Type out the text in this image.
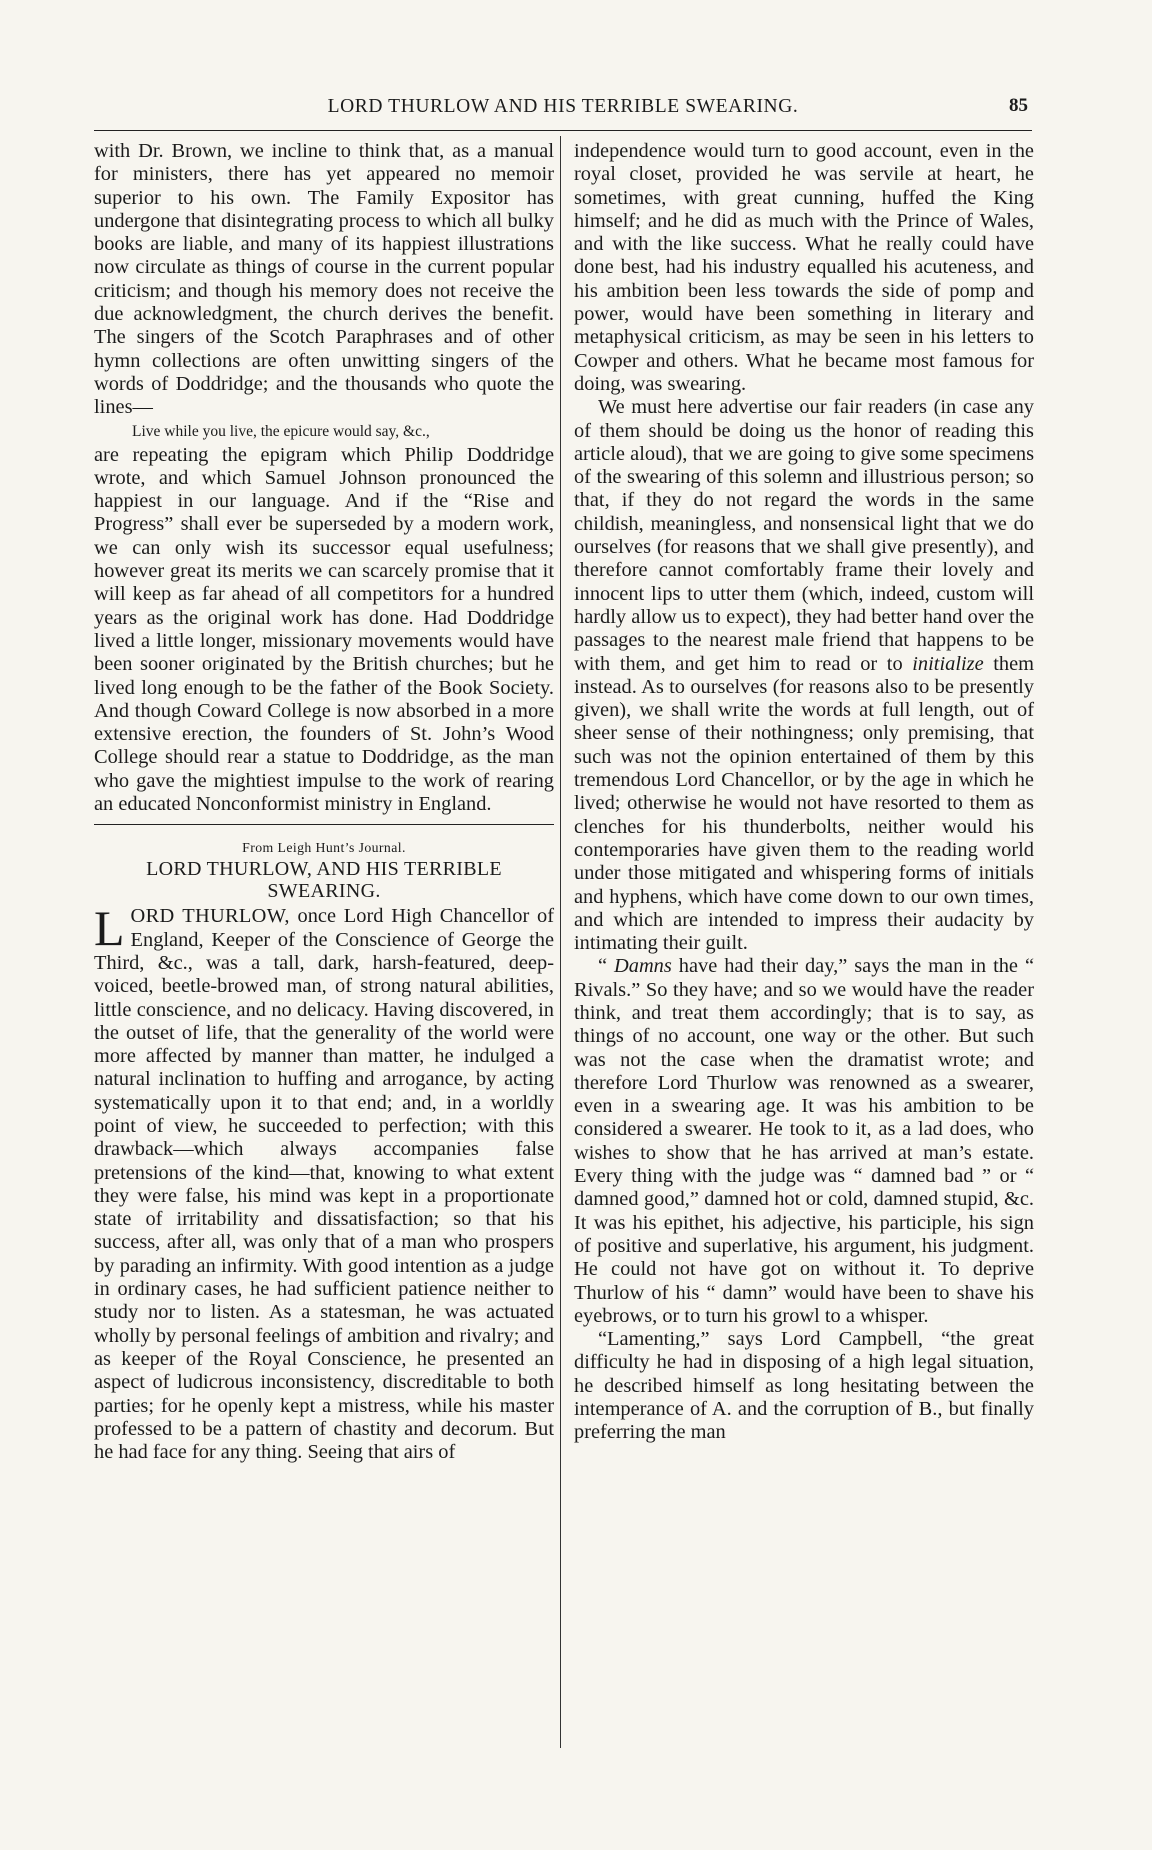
LORD THURLOW AND HIS TERRIBLE SWEARING.	85

with Dr. Brown, we incline to think that, as a manual for ministers, there has yet appeared no memoir superior to his own. The Family Expositor has undergone that disintegrating process to which all bulky books are liable, and many of its happiest illustrations now circulate as things of course in the current popular criticism; and though his memory does not receive the due acknowledgment, the church derives the benefit. The singers of the Scotch Paraphrases and of other hymn collections are often unwitting singers of the words of Doddridge; and the thousands who quote the lines—

Live while you live, the epicure would say, &c.,

are repeating the epigram which Philip Doddridge wrote, and which Samuel Johnson pronounced the happiest in our language. And if the “Rise and Progress” shall ever be superseded by a modern work, we can only wish its successor equal usefulness; however great its merits we can scarcely promise that it will keep as far ahead of all competitors for a hundred years as the original work has done. Had Doddridge lived a little longer, missionary movements would have been sooner originated by the British churches; but he lived long enough to be the father of the Book Society. And though Coward College is now absorbed in a more extensive erection, the founders of St. John’s Wood College should rear a statue to Doddridge, as the man who gave the mightiest impulse to the work of rearing an educated Nonconformist ministry in England.

From Leigh Hunt’s Journal.

LORD THURLOW, AND HIS TERRIBLE SWEARING.

LORD THURLOW, once Lord High Chancellor of England, Keeper of the Conscience of George the Third, &c., was a tall, dark, harsh-featured, deep-voiced, beetle-browed man, of strong natural abilities, little conscience, and no delicacy. Having discovered, in the outset of life, that the generality of the world were more affected by manner than matter, he indulged a natural inclination to huffing and arrogance, by acting systematically upon it to that end; and, in a worldly point of view, he succeeded to perfection; with this drawback—which always accompanies false pretensions of the kind—that, knowing to what extent they were false, his mind was kept in a proportionate state of irritability and dissatisfaction; so that his success, after all, was only that of a man who prospers by parading an infirmity. With good intention as a judge in ordinary cases, he had sufficient patience neither to study nor to listen. As a statesman, he was actuated wholly by personal feelings of ambition and rivalry; and as keeper of the Royal Conscience, he presented an aspect of ludicrous inconsistency, discreditable to both parties; for he openly kept a mistress, while his master professed to be a pattern of chastity and decorum. But he had face for any thing. Seeing that airs of

independence would turn to good account, even in the royal closet, provided he was servile at heart, he sometimes, with great cunning, huffed the King himself; and he did as much with the Prince of Wales, and with the like success. What he really could have done best, had his industry equalled his acuteness, and his ambition been less towards the side of pomp and power, would have been something in literary and metaphysical criticism, as may be seen in his letters to Cowper and others. What he became most famous for doing, was swearing.

We must here advertise our fair readers (in case any of them should be doing us the honor of reading this article aloud), that we are going to give some specimens of the swearing of this solemn and illustrious person; so that, if they do not regard the words in the same childish, meaningless, and nonsensical light that we do ourselves (for reasons that we shall give presently), and therefore cannot comfortably frame their lovely and innocent lips to utter them (which, indeed, custom will hardly allow us to expect), they had better hand over the passages to the nearest male friend that happens to be with them, and get him to read or to initialize them instead. As to ourselves (for reasons also to be presently given), we shall write the words at full length, out of sheer sense of their nothingness; only premising, that such was not the opinion entertained of them by this tremendous Lord Chancellor, or by the age in which he lived; otherwise he would not have resorted to them as clenches for his thunderbolts, neither would his contemporaries have given them to the reading world under those mitigated and whispering forms of initials and hyphens, which have come down to our own times, and which are intended to impress their audacity by intimating their guilt.

“ Damns have had their day,” says the man in the “ Rivals.” So they have; and so we would have the reader think, and treat them accordingly; that is to say, as things of no account, one way or the other. But such was not the case when the dramatist wrote; and therefore Lord Thurlow was renowned as a swearer, even in a swearing age. It was his ambition to be considered a swearer. He took to it, as a lad does, who wishes to show that he has arrived at man’s estate. Every thing with the judge was “ damned bad ” or “ damned good,” damned hot or cold, damned stupid, &c. It was his epithet, his adjective, his participle, his sign of positive and superlative, his argument, his judgment. He could not have got on without it. To deprive Thurlow of his “ damn” would have been to shave his eyebrows, or to turn his growl to a whisper.

“Lamenting,” says Lord Campbell, “the great difficulty he had in disposing of a high legal situation, he described himself as long hesitating between the intemperance of A. and the corruption of B., but finally preferring the man
